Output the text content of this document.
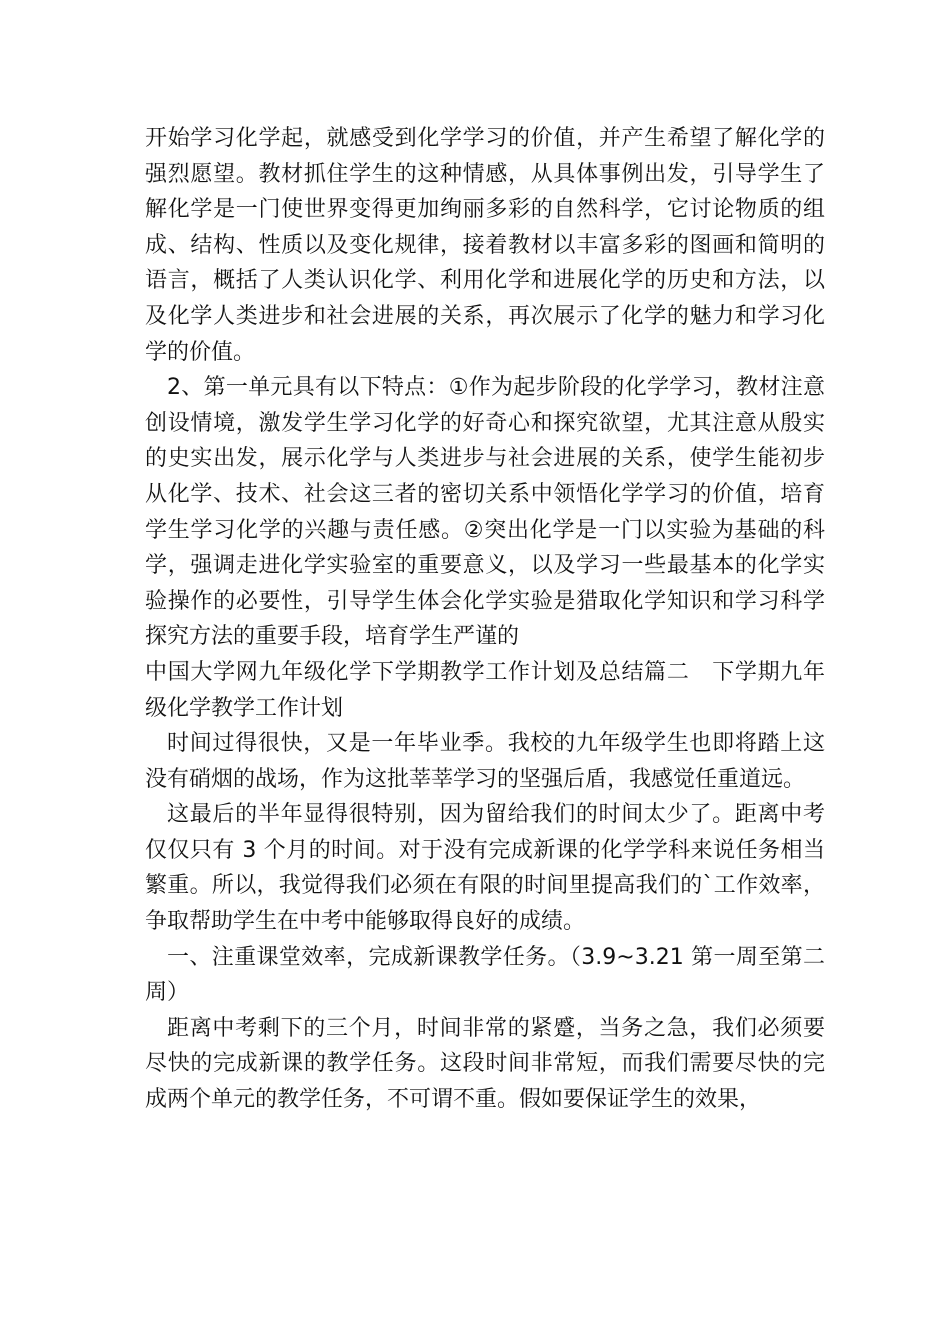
开始学习化学起，就感受到化学学习的价值，并产生希望了解化学的强烈愿望。教材抓住学生的这种情感，从具体事例出发，引导学生了解化学是一门使世界变得更加绚丽多彩的自然科学，它讨论物质的组成、结构、性质以及变化规律，接着教材以丰富多彩的图画和简明的语言，概括了人类认识化学、利用化学和进展化学的历史和方法，以及化学人类进步和社会进展的关系，再次展示了化学的魅力和学习化学的价值。

2、第一单元具有以下特点：①作为起步阶段的化学学习，教材注意创设情境，激发学生学习化学的好奇心和探究欲望，尤其注意从殷实的史实出发，展示化学与人类进步与社会进展的关系，使学生能初步从化学、技术、社会这三者的密切关系中领悟化学学习的价值，培育学生学习化学的兴趣与责任感。②突出化学是一门以实验为基础的科学，强调走进化学实验室的重要意义，以及学习一些最基本的化学实验操作的必要性，引导学生体会化学实验是猎取化学知识和学习科学探究方法的重要手段，培育学生严谨的

中国大学网九年级化学下学期教学工作计划及总结篇二　下学期九年级化学教学工作计划

时间过得很快，又是一年毕业季。我校的九年级学生也即将踏上这没有硝烟的战场，作为这批莘莘学习的坚强后盾，我感觉任重道远。

这最后的半年显得很特别，因为留给我们的时间太少了。距离中考仅仅只有 3 个月的时间。对于没有完成新课的化学学科来说任务相当繁重。所以，我觉得我们必须在有限的时间里提高我们的`工作效率，争取帮助学生在中考中能够取得良好的成绩。

一、注重课堂效率，完成新课教学任务。（3.9~3.21 第一周至第二周）

距离中考剩下的三个月，时间非常的紧蹙，当务之急，我们必须要尽快的完成新课的教学任务。这段时间非常短，而我们需要尽快的完成两个单元的教学任务，不可谓不重。假如要保证学生的效果，
